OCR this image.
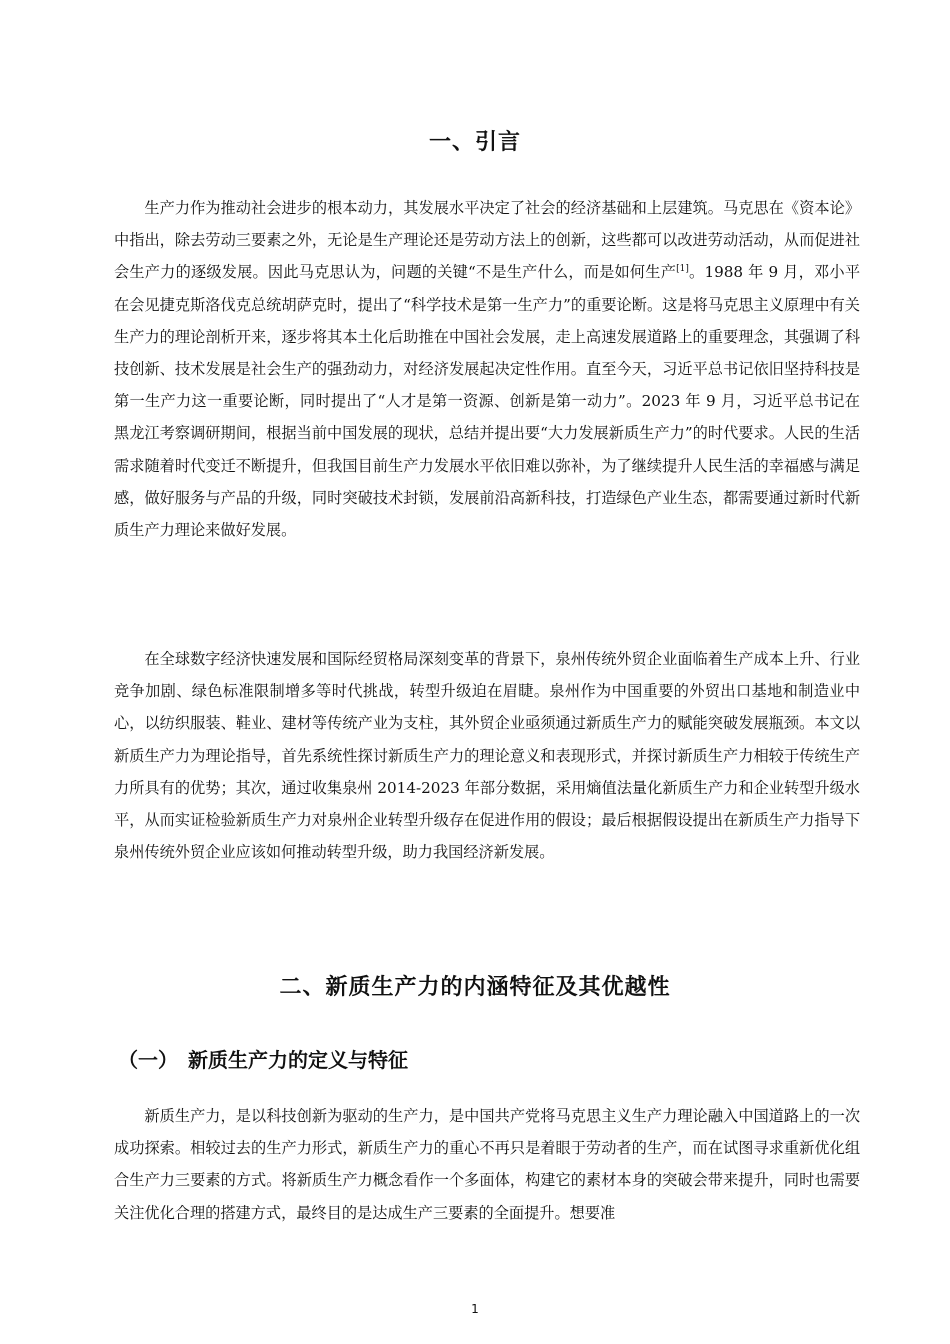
一、引言

生产力作为推动社会进步的根本动力，其发展水平决定了社会的经济基础和上层建筑。马克思在《资本论》中指出，除去劳动三要素之外，无论是生产理论还是劳动方法上的创新，这些都可以改进劳动活动，从而促进社会生产力的逐级发展。因此马克思认为，问题的关键“不是生产什么，而是如何生产[1]。1988 年 9 月，邓小平在会见捷克斯洛伐克总统胡萨克时，提出了“科学技术是第一生产力”的重要论断。这是将马克思主义原理中有关生产力的理论剖析开来，逐步将其本土化后助推在中国社会发展，走上高速发展道路上的重要理念，其强调了科技创新、技术发展是社会生产的强劲动力，对经济发展起决定性作用。直至今天，习近平总书记依旧坚持科技是第一生产力这一重要论断，同时提出了“人才是第一资源、创新是第一动力”。2023 年 9 月，习近平总书记在黑龙江考察调研期间，根据当前中国发展的现状，总结并提出要“大力发展新质生产力”的时代要求。人民的生活需求随着时代变迁不断提升，但我国目前生产力发展水平依旧难以弥补，为了继续提升人民生活的幸福感与满足感，做好服务与产品的升级，同时突破技术封锁，发展前沿高新科技，打造绿色产业生态，都需要通过新时代新质生产力理论来做好发展。

在全球数字经济快速发展和国际经贸格局深刻变革的背景下，泉州传统外贸企业面临着生产成本上升、行业竞争加剧、绿色标准限制增多等时代挑战，转型升级迫在眉睫。泉州作为中国重要的外贸出口基地和制造业中心，以纺织服装、鞋业、建材等传统产业为支柱，其外贸企业亟须通过新质生产力的赋能突破发展瓶颈。本文以新质生产力为理论指导，首先系统性探讨新质生产力的理论意义和表现形式，并探讨新质生产力相较于传统生产力所具有的优势；其次，通过收集泉州 2014-2023 年部分数据，采用熵值法量化新质生产力和企业转型升级水平，从而实证检验新质生产力对泉州企业转型升级存在促进作用的假设；最后根据假设提出在新质生产力指导下泉州传统外贸企业应该如何推动转型升级，助力我国经济新发展。

二、新质生产力的内涵特征及其优越性
（一） 新质生产力的定义与特征

新质生产力，是以科技创新为驱动的生产力，是中国共产党将马克思主义生产力理论融入中国道路上的一次成功探索。相较过去的生产力形式，新质生产力的重心不再只是着眼于劳动者的生产，而在试图寻求重新优化组合生产力三要素的方式。将新质生产力概念看作一个多面体，构建它的素材本身的突破会带来提升，同时也需要关注优化合理的搭建方式，最终目的是达成生产三要素的全面提升。想要准

1
